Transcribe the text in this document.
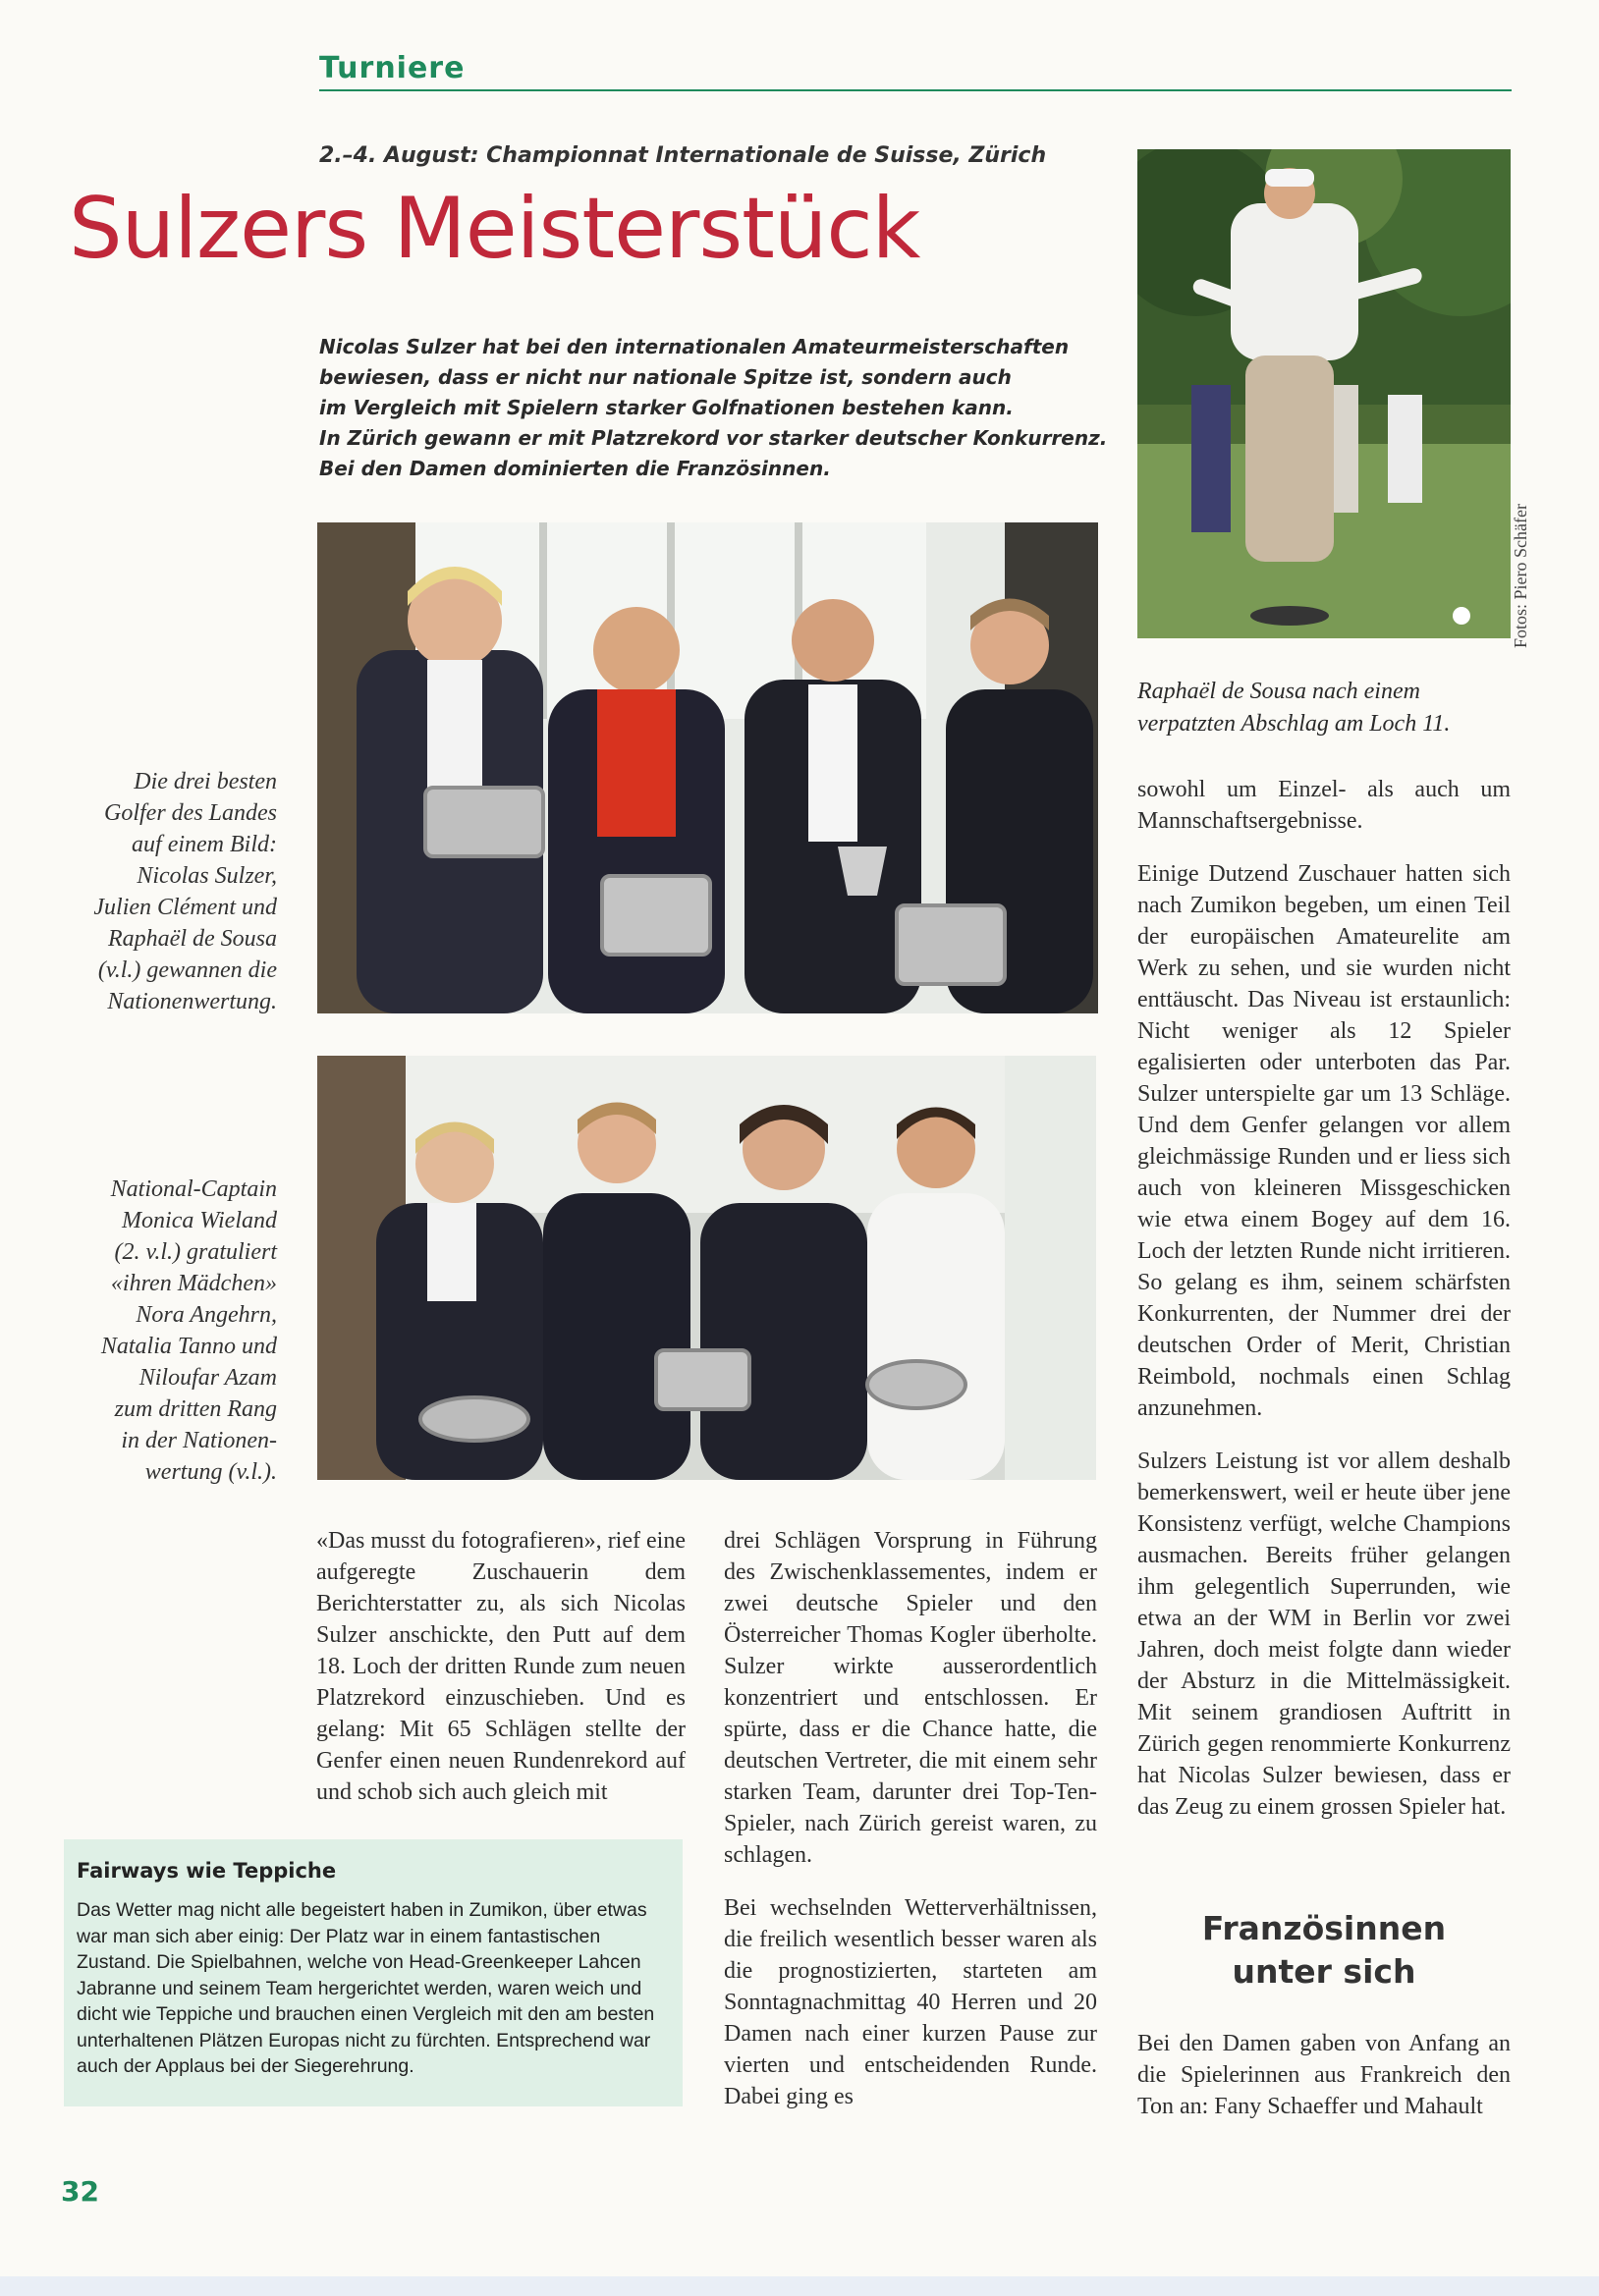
Turniere
2.–4. August: Championnat Internationale de Suisse, Zürich
Sulzers Meisterstück
Nicolas Sulzer hat bei den internationalen Amateurmeisterschaften
bewiesen, dass er nicht nur nationale Spitze ist, sondern auch
im Vergleich mit Spielern starker Golfnationen bestehen kann.
In Zürich gewann er mit Platzrekord vor starker deutscher Konkurrenz.
Bei den Damen dominierten die Französinnen.
Fotos: Piero Schäfer
Raphaël de Sousa nach einem verpatzten Abschlag am Loch 11.
Die drei besten
Golfer des Landes
auf einem Bild:
Nicolas Sulzer,
Julien Clément und
Raphaël de Sousa
(v.l.) gewannen die
Nationenwertung.
National-Captain
Monica Wieland
(2. v.l.) gratuliert
«ihren Mädchen»
Nora Angehrn,
Natalia Tanno und
Niloufar Azam
zum dritten Rang
in der Nationen-
wertung (v.l.).

«Das musst du fotografieren», rief eine aufgeregte Zuschauerin dem Berichterstatter zu, als sich Nicolas Sulzer anschickte, den Putt auf dem 18. Loch der dritten Runde zum neuen Platzrekord einzuschieben. Und es gelang: Mit 65 Schlägen stellte der Genfer einen neuen Rundenrekord auf und schob sich auch gleich mit

drei Schlägen Vorsprung in Führung des Zwischenklassementes, indem er zwei deutsche Spieler und den Österreicher Thomas Kogler überholte. Sulzer wirkte ausserordentlich konzentriert und entschlossen. Er spürte, dass er die Chance hatte, die deutschen Vertreter, die mit einem sehr starken Team, darunter drei Top-Ten-Spieler, nach Zürich gereist waren, zu schlagen.

Bei wechselnden Wetterverhältnissen, die freilich wesentlich besser waren als die prognostizierten, starteten am Sonntagnachmittag 40 Herren und 20 Damen nach einer kurzen Pause zur vierten und entscheidenden Runde. Dabei ging es

sowohl um Einzel- als auch um Mannschaftsergebnisse.

Einige Dutzend Zuschauer hatten sich nach Zumikon begeben, um einen Teil der europäischen Amateurelite am Werk zu sehen, und sie wurden nicht enttäuscht. Das Niveau ist erstaunlich: Nicht weniger als 12 Spieler egalisierten oder unterboten das Par. Sulzer unterspielte gar um 13 Schläge. Und dem Genfer gelangen vor allem gleichmässige Runden und er liess sich auch von kleineren Missgeschicken wie etwa einem Bogey auf dem 16. Loch der letzten Runde nicht irritieren. So gelang es ihm, seinem schärfsten Konkurrenten, der Nummer drei der deutschen Order of Merit, Christian Reimbold, nochmals einen Schlag anzunehmen.

Sulzers Leistung ist vor allem deshalb bemerkenswert, weil er heute über jene Konsistenz verfügt, welche Champions ausmachen. Bereits früher gelangen ihm gelegentlich Superrunden, wie etwa an der WM in Berlin vor zwei Jahren, doch meist folgte dann wieder der Absturz in die Mittelmässigkeit. Mit seinem grandiosen Auftritt in Zürich gegen renommierte Konkurrenz hat Nicolas Sulzer bewiesen, dass er das Zeug zu einem grossen Spieler hat.

Französinnen
unter sich

Bei den Damen gaben von Anfang an die Spielerinnen aus Frankreich den Ton an: Fany Schaeffer und Mahault

Fairways wie Teppiche
Das Wetter mag nicht alle begeistert haben in Zumikon, über etwas
war man sich aber einig: Der Platz war in einem fantastischen
Zustand. Die Spielbahnen, welche von Head-Greenkeeper Lahcen
Jabranne und seinem Team hergerichtet werden, waren weich und
dicht wie Teppiche und brauchen einen Vergleich mit den am besten
unterhaltenen Plätzen Europas nicht zu fürchten. Entsprechend war
auch der Applaus bei der Siegerehrung.
32
